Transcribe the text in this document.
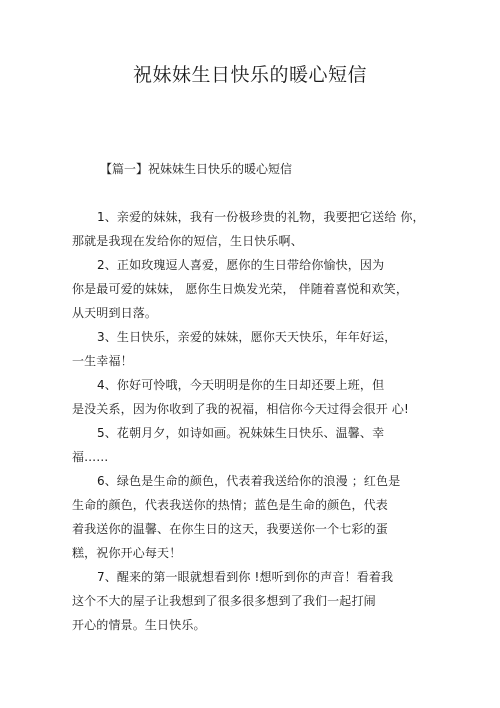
祝妹妹生日快乐的暖心短信
【篇一】祝妹妹生日快乐的暖心短信
1、亲爱的妹妹，我有一份极珍贵的礼物，我要把它送给 你，
那就是我现在发给你的短信，生日快乐啊、
2、正如玫瑰逗人喜爱，愿你的生日带给你愉快，因为
你是最可爱的妹妹， 愿你生日焕发光荣， 伴随着喜悦和欢笑，
从天明到日落。
3、生日快乐，亲爱的妹妹，愿你天天快乐，年年好运，
一生幸福！
4、你好可怜哦，今天明明是你的生日却还要上班，但
是没关系，因为你收到了我的祝福，相信你今天过得会很开 心!
5、花朝月夕，如诗如画。祝妹妹生日快乐、温馨、幸
福……
6、绿色是生命的颜色，代表着我送给你的浪漫 ；红色是
生命的颜色，代表我送你的热情；蓝色是生命的颜色，代表
着我送你的温馨、在你生日的这天，我要送你一个七彩的蛋
糕，祝你开心每天！
7、醒来的第一眼就想看到你 !想听到你的声音！看着我
这个不大的屋子让我想到了很多很多想到了我们一起打闹
开心的情景。生日快乐。
